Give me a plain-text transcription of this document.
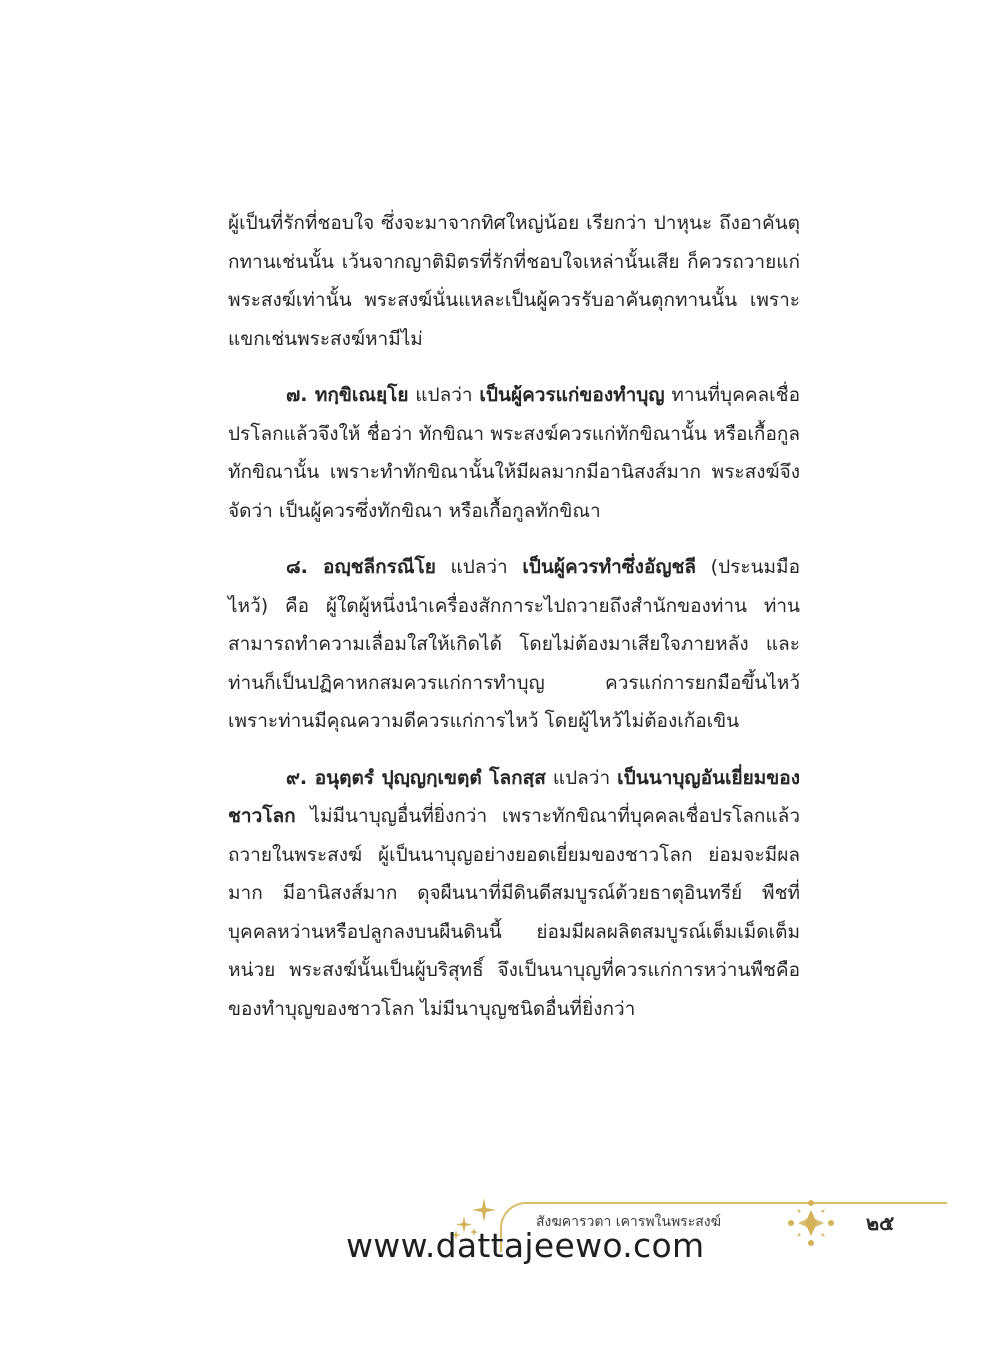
ผู้เป็นที่รักที่ชอบใจ ซึ่งจะมาจากทิศใหญ่น้อย เรียกว่า ปาหุนะ ถึงอาคันตุกทานเช่นนั้น เว้นจากญาติมิตรที่รักที่ชอบใจเหล่านั้นเสีย ก็ควรถวายแก่พระสงฆ์เท่านั้น พระสงฆ์นั่นแหละเป็นผู้ควรรับอาคันตุกทานนั้น เพราะแขกเช่นพระสงฆ์หามีไม่

๗. ทกฺขิเณยฺโย แปลว่า เป็นผู้ควรแก่ของทำบุญ ทานที่บุคคลเชื่อปรโลกแล้วจึงให้ ชื่อว่า ทักขิณา พระสงฆ์ควรแก่ทักขิณานั้น หรือเกื้อกูลทักขิณานั้น เพราะทำทักขิณานั้นให้มีผลมากมีอานิสงส์มาก พระสงฆ์จึงจัดว่า เป็นผู้ควรซึ่งทักขิณา หรือเกื้อกูลทักขิณา

๘. อญฺชลีกรณีโย แปลว่า เป็นผู้ควรทำซึ่งอัญชลี (ประนมมือไหว้) คือ ผู้ใดผู้หนึ่งนำเครื่องสักการะไปถวายถึงสำนักของท่าน ท่านสามารถทำความเลื่อมใสให้เกิดได้ โดยไม่ต้องมาเสียใจภายหลัง และท่านก็เป็นปฏิคาหกสมควรแก่การทำบุญ ควรแก่การยกมือขึ้นไหว้ เพราะท่านมีคุณความดีควรแก่การไหว้ โดยผู้ไหว้ไม่ต้องเก้อเขิน

๙. อนุตฺตรํ ปุญฺญกฺเขตฺตํ โลกสฺส แปลว่า เป็นนาบุญอันเยี่ยมของชาวโลก ไม่มีนาบุญอื่นที่ยิ่งกว่า เพราะทักขิณาที่บุคคลเชื่อปรโลกแล้วถวายในพระสงฆ์ ผู้เป็นนาบุญอย่างยอดเยี่ยมของชาวโลก ย่อมจะมีผลมาก มีอานิสงส์มาก ดุจผืนนาที่มีดินดีสมบูรณ์ด้วยธาตุอินทรีย์ พืชที่บุคคลหว่านหรือปลูกลงบนผืนดินนี้ ย่อมมีผลผลิตสมบูรณ์เต็มเม็ดเต็มหน่วย พระสงฆ์นั้นเป็นผู้บริสุทธิ์ จึงเป็นนาบุญที่ควรแก่การหว่านพืชคือของทำบุญของชาวโลก ไม่มีนาบุญชนิดอื่นที่ยิ่งกว่า

สังฆคารวตา เคารพในพระสงฆ์	๒๕
www.dattajeewo.com
